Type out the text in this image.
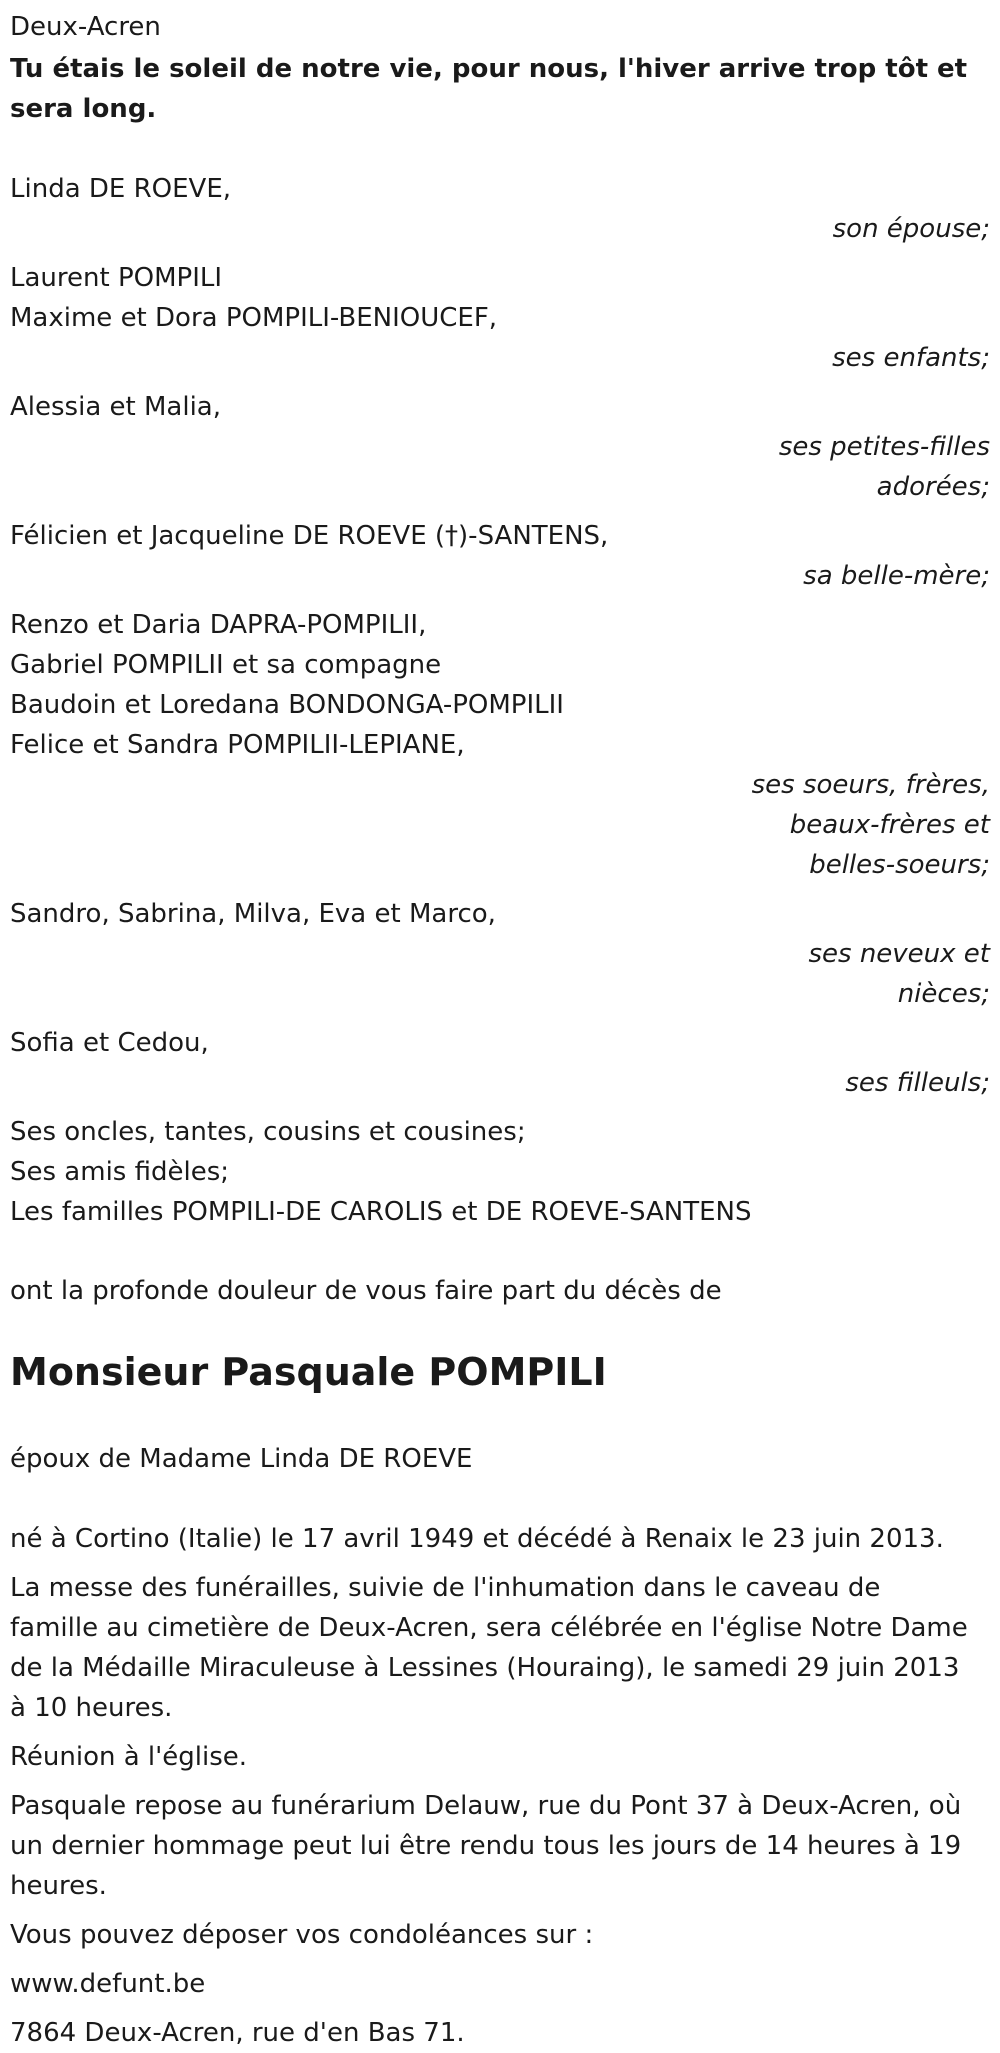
Deux-Acren

Tu étais le soleil de notre vie, pour nous, l'hiver arrive trop tôt et sera long.

Linda DE ROEVE,

son épouse;

Laurent POMPILI

Maxime et Dora POMPILI-BENIOUCEF,

ses enfants;

Alessia et Malia,

ses petites-filles
adorées;

Félicien et Jacqueline DE ROEVE (†)-SANTENS,

sa belle-mère;

Renzo et Daria DAPRA-POMPILII,

Gabriel POMPILII et sa compagne

Baudoin et Loredana BONDONGA-POMPILII

Felice et Sandra POMPILII-LEPIANE,

ses soeurs, frères,
beaux-frères et
belles-soeurs;

Sandro, Sabrina, Milva, Eva et Marco,

ses neveux et
nièces;

Sofia et Cedou,

ses filleuls;

Ses oncles, tantes, cousins et cousines;

Ses amis fidèles;

Les familles POMPILI-DE CAROLIS et DE ROEVE-SANTENS

ont la profonde douleur de vous faire part du décès de

Monsieur Pasquale POMPILI

époux de Madame Linda DE ROEVE

né à Cortino (Italie) le 17 avril 1949 et décédé à Renaix le 23 juin 2013.

La messe des funérailles, suivie de l'inhumation dans le caveau de famille au cimetière de Deux-Acren, sera célébrée en l'église Notre Dame de la Médaille Miraculeuse à Lessines (Houraing), le samedi 29 juin 2013 à 10 heures.

Réunion à l'église.

Pasquale repose au funérarium Delauw, rue du Pont 37 à Deux-Acren, où un dernier hommage peut lui être rendu tous les jours de 14 heures à 19 heures.

Vous pouvez déposer vos condoléances sur :

www.defunt.be

7864 Deux-Acren, rue d'en Bas 71.
